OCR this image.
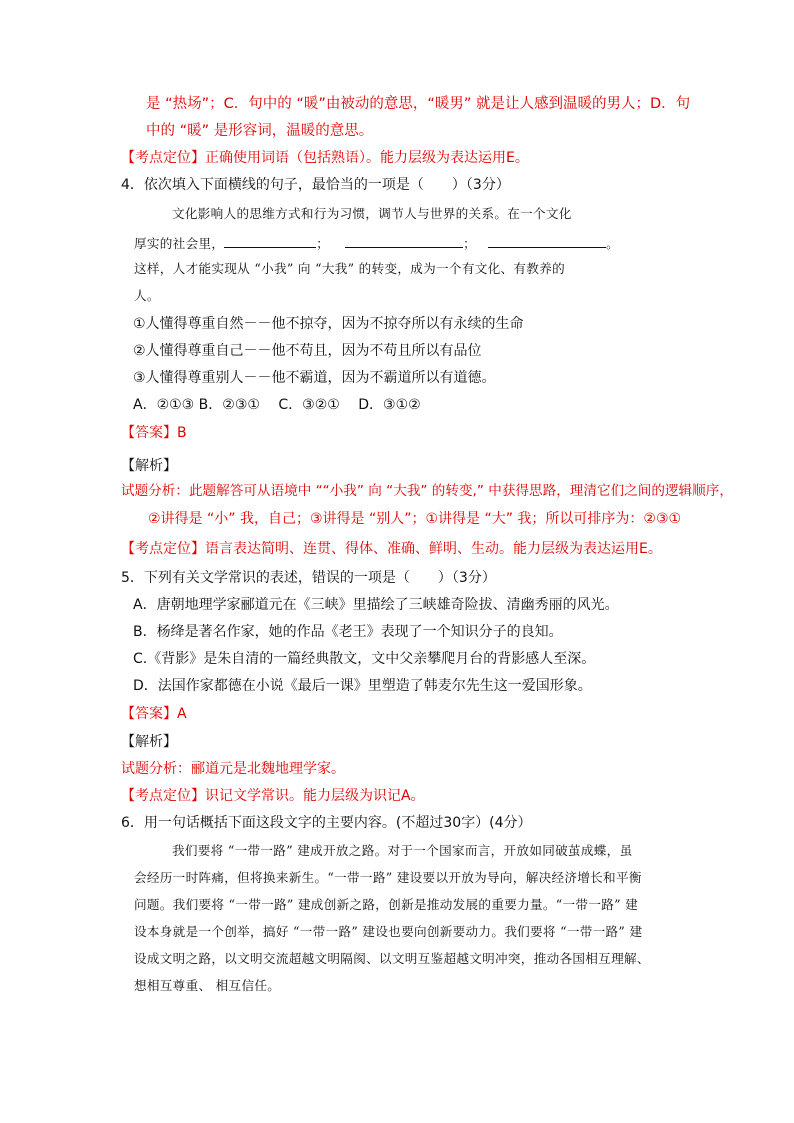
是 “热场”；C．句中的 “暖”由被动的意思，“暖男” 就是让人感到温暖的男人；D．句
中的 “暖” 是形容词，温暖的意思。
【考点定位】正确使用词语（包括熟语）。能力层级为表达运用E。
4．依次填入下面横线的句子，最恰当的一项是（　　）（3分）
文化影响人的思维方式和行为习惯，调节人与世界的关系。在一个文化
厚实的社会里，	；	；	。
这样，人才能实现从 “小我” 向 “大我” 的转变，成为一个有文化、有教养的
人。
①人懂得尊重自然－－他不掠夺，因为不掠夺所以有永续的生命
②人懂得尊重自己－－他不苟且，因为不苟且所以有品位
③人懂得尊重别人－－他不霸道，因为不霸道所以有道德。
A．②①③ B．②③①　 C．③②①　 D．③①②
【答案】B
【解析】
试题分析：此题解答可从语境中 ““小我” 向 “大我” 的转变,” 中获得思路，理清它们之间的逻辑顺序，
②讲得是 “小” 我，自己；③讲得是 “别人”；①讲得是 “大” 我；所以可排序为：②③①
【考点定位】语言表达简明、连贯、得体、准确、鲜明、生动。能力层级为表达运用E。
5．下列有关文学常识的表述，错误的一项是（　　）（3分）
A．唐朝地理学家郦道元在《三峡》里描绘了三峡雄奇险拔、清幽秀丽的风光。
B．杨绛是著名作家，她的作品《老王》表现了一个知识分子的良知。
C.《背影》是朱自清的一篇经典散文，文中父亲攀爬月台的背影感人至深。
D．法国作家都德在小说《最后一课》里塑造了韩麦尔先生这一爱国形象。
【答案】A
【解析】
试题分析：郦道元是北魏地理学家。
【考点定位】识记文学常识。能力层级为识记A。
6．用一句话概括下面这段文字的主要内容。(不超过30字）(4分）
我们要将 “一带一路” 建成开放之路。对于一个国家而言，开放如同破茧成蝶，虽
会经历一时阵痛，但将换来新生。“一带一路” 建设要以开放为导向，解决经济增长和平衡
问题。我们要将 “一带一路” 建成创新之路，创新是推动发展的重要力量。“一带一路” 建
设本身就是一个创举，搞好 “一带一路” 建设也要向创新要动力。我们要将 “一带一路” 建
设成文明之路，以文明交流超越文明隔阂、以文明互鉴超越文明冲突，推动各国相互理解、
想相互尊重、 相互信任。
